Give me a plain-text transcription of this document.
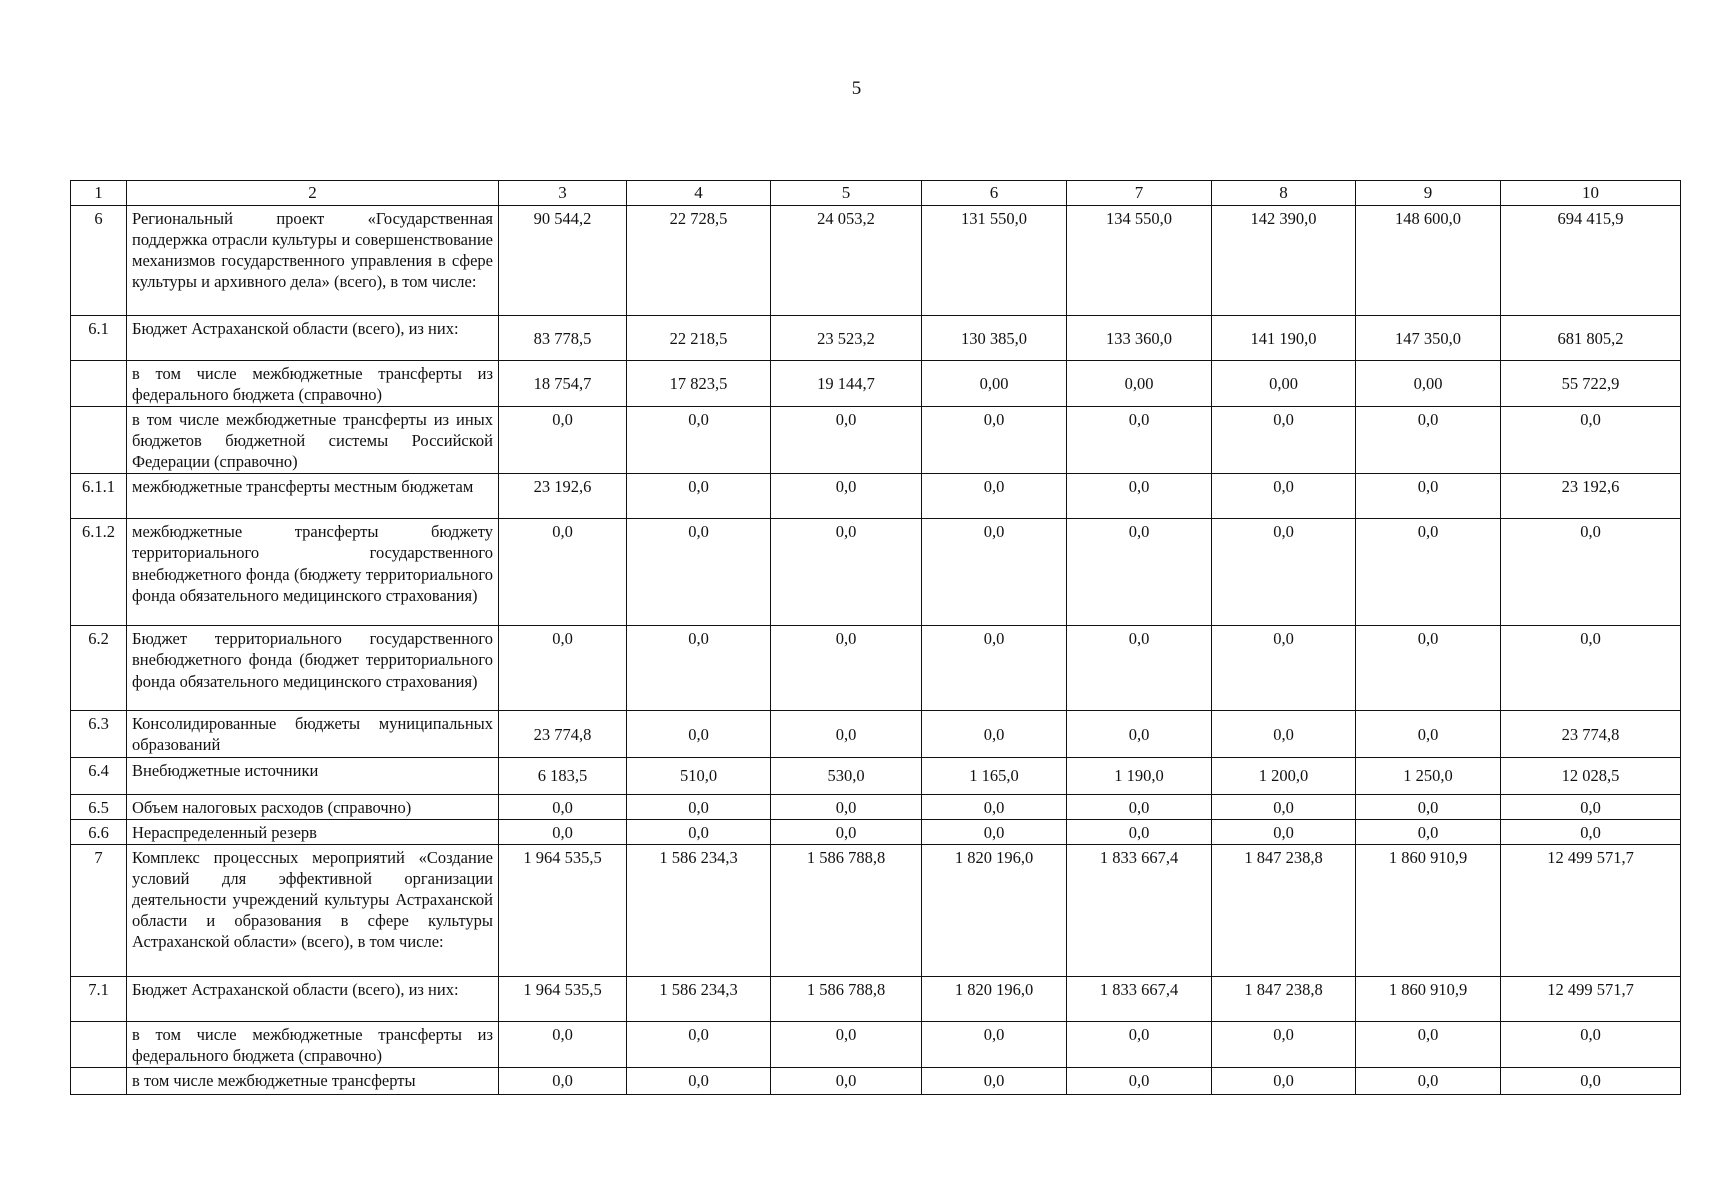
5
1	2	3	4	5	6	7	8	9	10
6	Региональный проект «Государственная поддержка отрасли культуры и совершенствование механизмов государственного управления в сфере культуры и архивного дела» (всего), в том числе:	90 544,2	22 728,5	24 053,2	131 550,0	134 550,0	142 390,0	148 600,0	694 415,9
6.1	Бюджет Астраханской области (всего), из них:	83 778,5	22 218,5	23 523,2	130 385,0	133 360,0	141 190,0	147 350,0	681 805,2
	в том числе межбюджетные трансферты из федерального бюджета (справочно)	18 754,7	17 823,5	19 144,7	0,00	0,00	0,00	0,00	55 722,9
	в том числе межбюджетные трансферты из иных бюджетов бюджетной системы Российской Федерации (справочно)	0,0	0,0	0,0	0,0	0,0	0,0	0,0	0,0
6.1.1	межбюджетные трансферты местным бюджетам	23 192,6	0,0	0,0	0,0	0,0	0,0	0,0	23 192,6
6.1.2	межбюджетные трансферты бюджету территориального государственного внебюджетного фонда (бюджету территориального фонда обязательного медицинского страхования)	0,0	0,0	0,0	0,0	0,0	0,0	0,0	0,0
6.2	Бюджет территориального государственного внебюджетного фонда (бюджет территориального фонда обязательного медицинского страхования)	0,0	0,0	0,0	0,0	0,0	0,0	0,0	0,0
6.3	Консолидированные бюджеты муниципальных образований	23 774,8	0,0	0,0	0,0	0,0	0,0	0,0	23 774,8
6.4	Внебюджетные источники	6 183,5	510,0	530,0	1 165,0	1 190,0	1 200,0	1 250,0	12 028,5
6.5	Объем налоговых расходов (справочно)	0,0	0,0	0,0	0,0	0,0	0,0	0,0	0,0
6.6	Нераспределенный резерв	0,0	0,0	0,0	0,0	0,0	0,0	0,0	0,0
7	Комплекс процессных мероприятий «Создание условий для эффективной организации деятельности учреждений культуры Астраханской области и образования в сфере культуры Астраханской области» (всего), в том числе:	1 964 535,5	1 586 234,3	1 586 788,8	1 820 196,0	1 833 667,4	1 847 238,8	1 860 910,9	12 499 571,7
7.1	Бюджет Астраханской области (всего), из них:	1 964 535,5	1 586 234,3	1 586 788,8	1 820 196,0	1 833 667,4	1 847 238,8	1 860 910,9	12 499 571,7
	в том числе межбюджетные трансферты из федерального бюджета (справочно)	0,0	0,0	0,0	0,0	0,0	0,0	0,0	0,0
	в том числе межбюджетные трансферты	0,0	0,0	0,0	0,0	0,0	0,0	0,0	0,0
